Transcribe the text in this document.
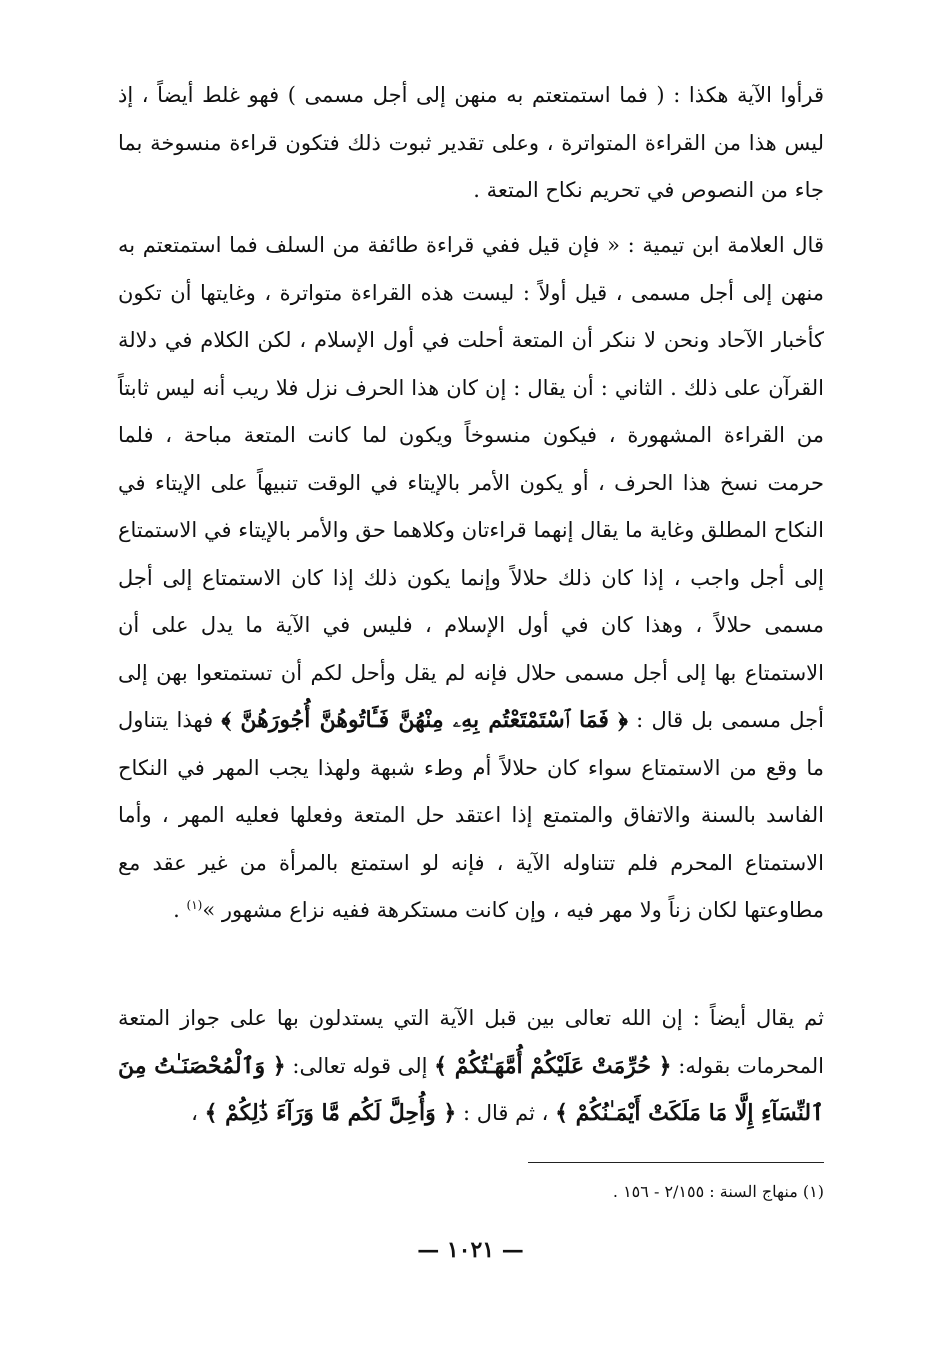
قرأوا الآية هكذا : ( فما استمتعتم به منهن إلى أجل مسمى ) فهو غلط أيضاً ، إذ ليس هذا من القراءة المتواترة ، وعلى تقدير ثبوت ذلك فتكون قراءة منسوخة بما جاء من النصوص في تحريم نكاح المتعة .
قال العلامة ابن تيمية : « فإن قيل ففي قراءة طائفة من السلف فما استمتعتم به منهن إلى أجل مسمى ، قيل أولاً : ليست هذه القراءة متواترة ، وغايتها أن تكون كأخبار الآحاد ونحن لا ننكر أن المتعة أحلت في أول الإسلام ، لكن الكلام في دلالة القرآن على ذلك . الثاني : أن يقال : إن كان هذا الحرف نزل فلا ريب أنه ليس ثابتاً من القراءة المشهورة ، فيكون منسوخاً ويكون لما كانت المتعة مباحة ، فلما حرمت نسخ هذا الحرف ، أو يكون الأمر بالإيتاء في الوقت تنبيهاً على الإيتاء في النكاح المطلق وغاية ما يقال إنهما قراءتان وكلاهما حق والأمر بالإيتاء في الاستمتاع إلى أجل واجب ، إذا كان ذلك حلالاً وإنما يكون ذلك إذا كان الاستمتاع إلى أجل مسمى حلالاً ، وهذا كان في أول الإسلام ، فليس في الآية ما يدل على أن الاستمتاع بها إلى أجل مسمى حلال فإنه لم يقل وأحل لكم أن تستمتعوا بهن إلى أجل مسمى بل قال : ﴿ فَمَا ٱسْتَمْتَعْتُم بِهِۦ مِنْهُنَّ فَـَٔاتُوهُنَّ أُجُورَهُنَّ ﴾ فهذا يتناول ما وقع من الاستمتاع سواء كان حلالاً أم وطء شبهة ولهذا يجب المهر في النكاح الفاسد بالسنة والاتفاق والمتمتع إذا اعتقد حل المتعة وفعلها فعليه المهر ، وأما الاستمتاع المحرم فلم تتناوله الآية ، فإنه لو استمتع بالمرأة من غير عقد مع مطاوعتها لكان زناً ولا مهر فيه ، وإن كانت مستكرهة ففيه نزاع مشهور »$^{(١)}$ .
ثم يقال أيضاً : إن الله تعالى بين قبل الآية التي يستدلون بها على جواز المتعة المحرمات بقوله: ﴿ حُرِّمَتْ عَلَيْكُمْ أُمَّهَـٰتُكُمْ ﴾ إلى قوله تعالى: ﴿ وَٱلْمُحْصَنَـٰتُ مِنَ ٱلنِّسَآءِ إِلَّا مَا مَلَكَتْ أَيْمَـٰنُكُمْ ﴾ ، ثم قال : ﴿ وَأُحِلَّ لَكُم مَّا وَرَآءَ ذَٰلِكُمْ ﴾ ،
(١) منهاج السنة : ٢/١٥٥ - ١٥٦ .
— ١٠٢١ —
